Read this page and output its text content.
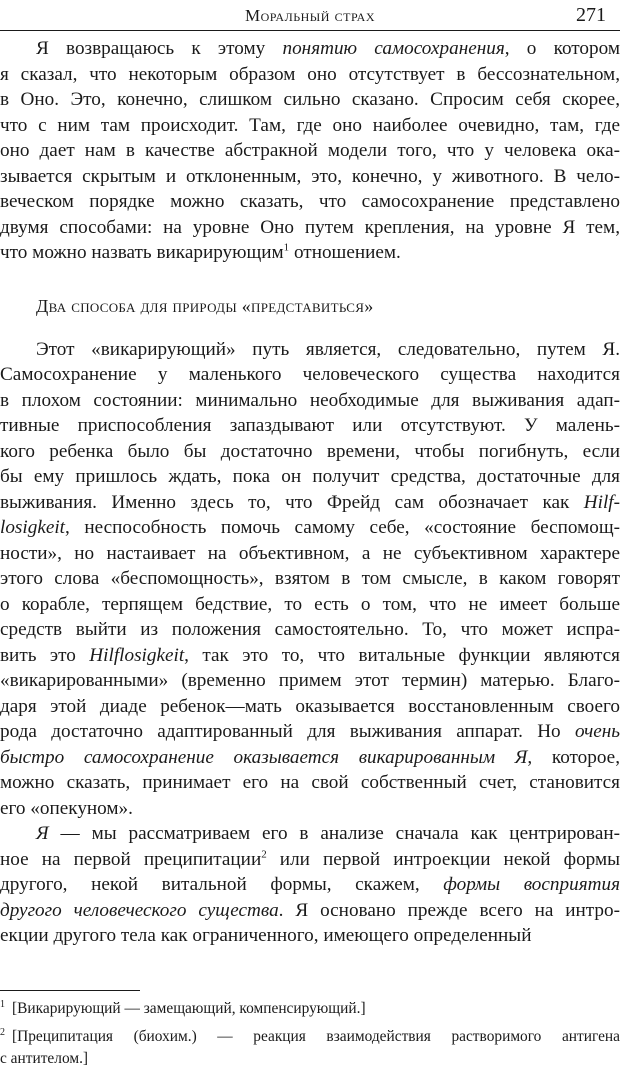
Моральный страх	271
Я возвращаюсь к этому понятию самосохранения, о котором
я сказал, что некоторым образом оно отсутствует в бессознательном,
в Оно. Это, конечно, слишком сильно сказано. Спросим себя скорее,
что с ним там происходит. Там, где оно наиболее очевидно, там, где
оно дает нам в качестве абстракной модели того, что у человека ока-
зывается скрытым и отклоненным, это, конечно, у животного. В чело-
веческом порядке можно сказать, что самосохранение представлено
двумя способами: на уровне Оно путем крепления, на уровне Я тем,
что можно назвать викарирующим$^1$ отношением.
Два способа для природы «представиться»
Этот «викарирующий» путь является, следовательно, путем Я.
Самосохранение у маленького человеческого существа находится
в плохом состоянии: минимально необходимые для выживания адап-
тивные приспособления запаздывают или отсутствуют. У малень-
кого ребенка было бы достаточно времени, чтобы погибнуть, если
бы ему пришлось ждать, пока он получит средства, достаточные для
выживания. Именно здесь то, что Фрейд сам обозначает как Hilf-
losigkeit, неспособность помочь самому себе, «состояние беспомощ-
ности», но настаивает на объективном, а не субъективном характере
этого слова «беспомощность», взятом в том смысле, в каком говорят
о корабле, терпящем бедствие, то есть о том, что не имеет больше
средств выйти из положения самостоятельно. То, что может испра-
вить это Hilflosigkeit, так это то, что витальные функции являются
«викарированными» (временно примем этот термин) матерью. Благо-
даря этой диаде ребенок—мать оказывается восстановленным своего
рода достаточно адаптированный для выживания аппарат. Но очень
быстро самосохранение оказывается викарированным Я, которое,
можно сказать, принимает его на свой собственный счет, становится
его «опекуном».
Я — мы рассматриваем его в анализе сначала как центрирован-
ное на первой преципитации$^2$ или первой интроекции некой формы
другого, некой витальной формы, скажем, формы восприятия
другого человеческого существа. Я основано прежде всего на интро-
екции другого тела как ограниченного, имеющего определенный
$^1$ [Викарирующий — замещающий, компенсирующий.]
$^2$ [Преципитация (биохим.) — реакция взаимодействия растворимого антигена
с антителом.]
